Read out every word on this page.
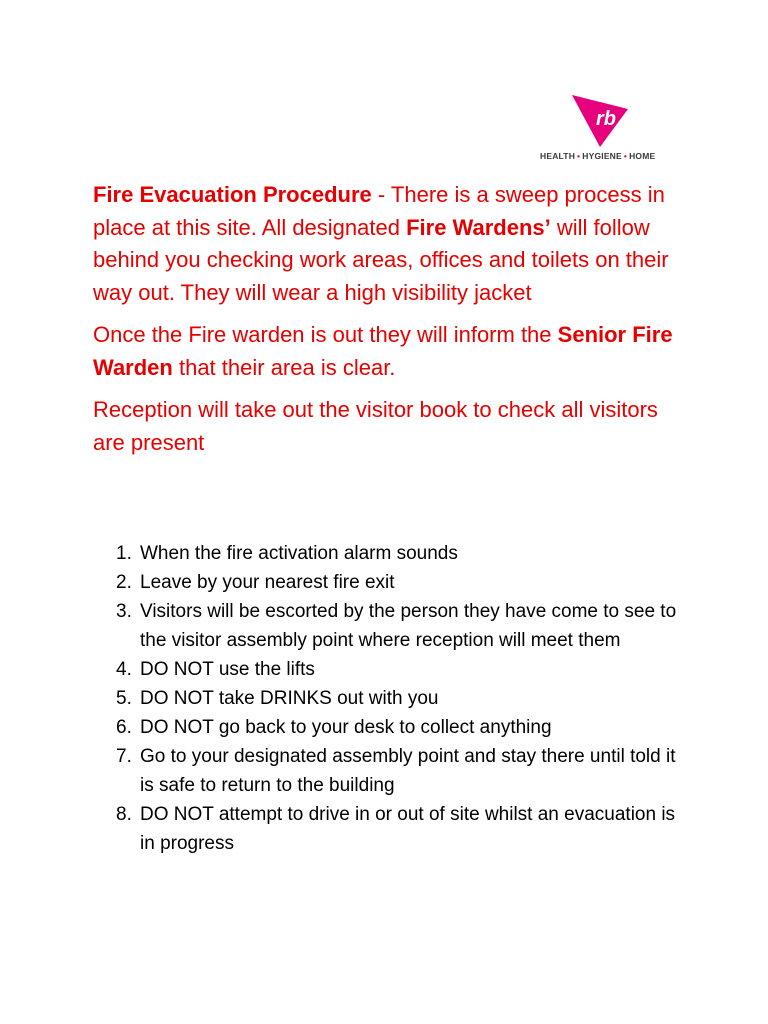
rb
HEALTH • HYGIENE • HOME

Fire Evacuation Procedure - There is a sweep process in place at this site. All designated Fire Wardens’ will follow behind you checking work areas, offices and toilets on their way out. They will wear a high visibility jacket

Once the Fire warden is out they will inform the Senior Fire Warden that their area is clear.

Reception will take out the visitor book to check all visitors are present

1. When the fire activation alarm sounds
2. Leave by your nearest fire exit
3. Visitors will be escorted by the person they have come to see to the visitor assembly point where reception will meet them
4. DO NOT use the lifts
5. DO NOT take DRINKS out with you
6. DO NOT go back to your desk to collect anything
7. Go to your designated assembly point and stay there until told it is safe to return to the building
8. DO NOT attempt to drive in or out of site whilst an evacuation is in progress
